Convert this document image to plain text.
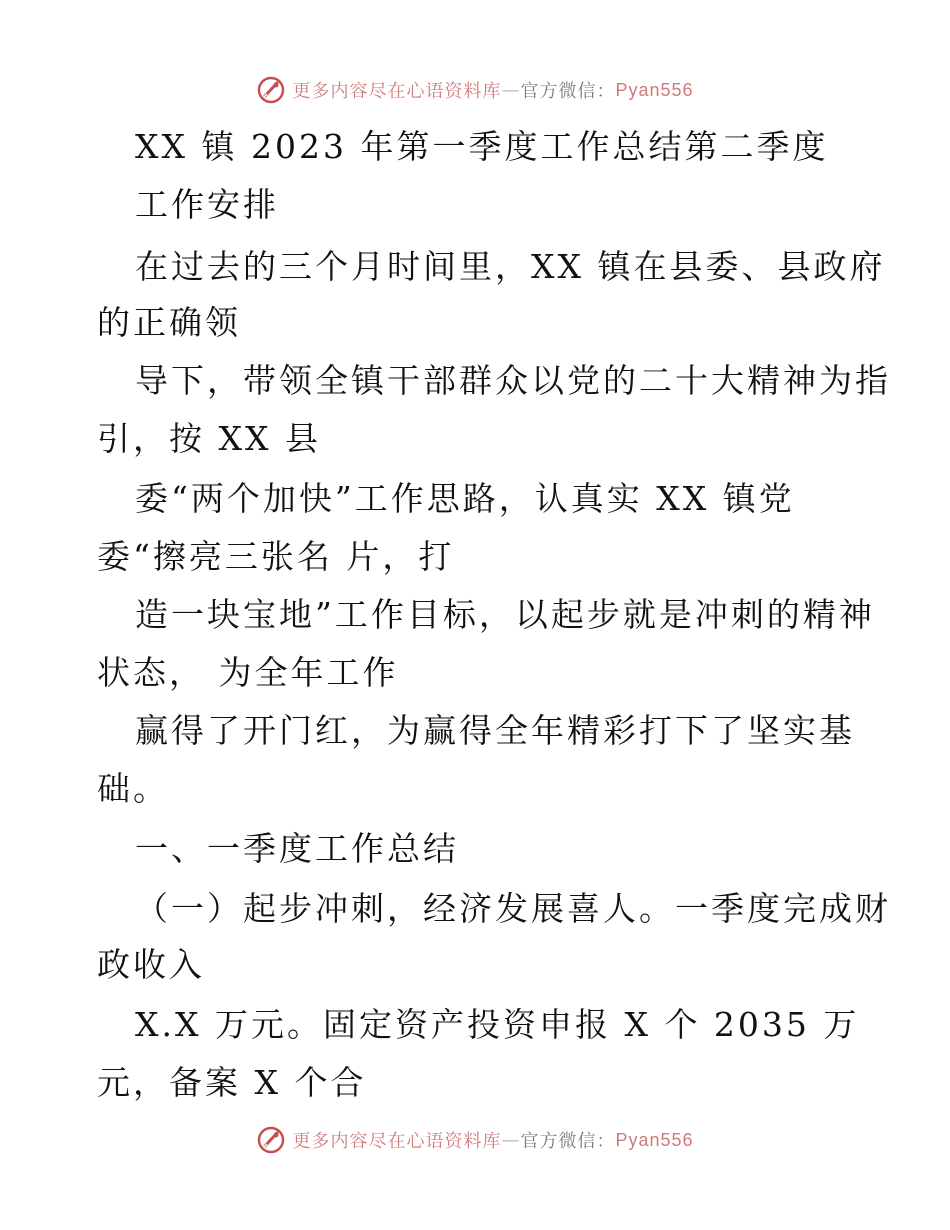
更多内容尽在心语资料库 — 官方微信： Pyan556
XX 镇 2023 年第一季度工作总结第二季度
工作安排
在过去的三个月时间里，XX 镇在县委、县政府
的正确领
导下，带领全镇干部群众以党的二十大精神为指
引，按 XX 县
委“两个加快”工作思路，认真实 XX 镇党
委“擦亮三张名 片，打
造一块宝地”工作目标，以起步就是冲刺的精神
状态， 为全年工作
赢得了开门红，为赢得全年精彩打下了坚实基
础。
一、一季度工作总结
（一）起步冲刺，经济发展喜人。一季度完成财
政收入
X.X 万元。固定资产投资申报 X 个 2035 万
元，备案 X 个合
更多内容尽在心语资料库 — 官方微信： Pyan556
